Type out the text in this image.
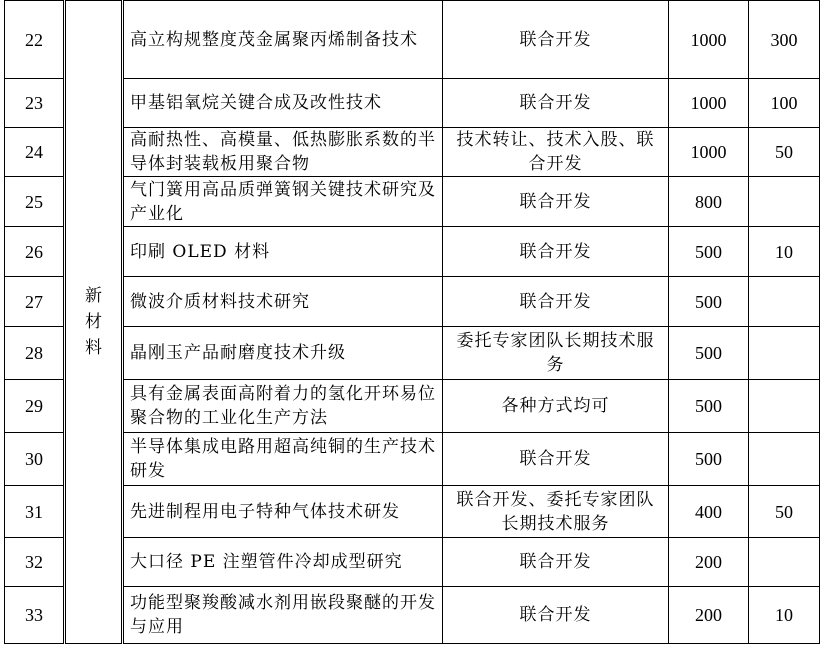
22	新材料	高立构规整度茂金属聚丙烯制备技术	联合开发	1000	300
23		甲基铝氧烷关键合成及改性技术	联合开发	1000	100
24		高耐热性、高模量、低热膨胀系数的半导体封装载板用聚合物	技术转让、技术入股、联合开发	1000	50
25		气门簧用高品质弹簧钢关键技术研究及产业化	联合开发	800	
26		印刷 OLED 材料	联合开发	500	10
27		微波介质材料技术研究	联合开发	500	
28		晶刚玉产品耐磨度技术升级	委托专家团队长期技术服务	500	
29		具有金属表面高附着力的氢化开环易位聚合物的工业化生产方法	各种方式均可	500	
30		半导体集成电路用超高纯铜的生产技术研发	联合开发	500	
31		先进制程用电子特种气体技术研发	联合开发、委托专家团队长期技术服务	400	50
32		大口径 PE 注塑管件冷却成型研究	联合开发	200	
33		功能型聚羧酸减水剂用嵌段聚醚的开发与应用	联合开发	200	10
